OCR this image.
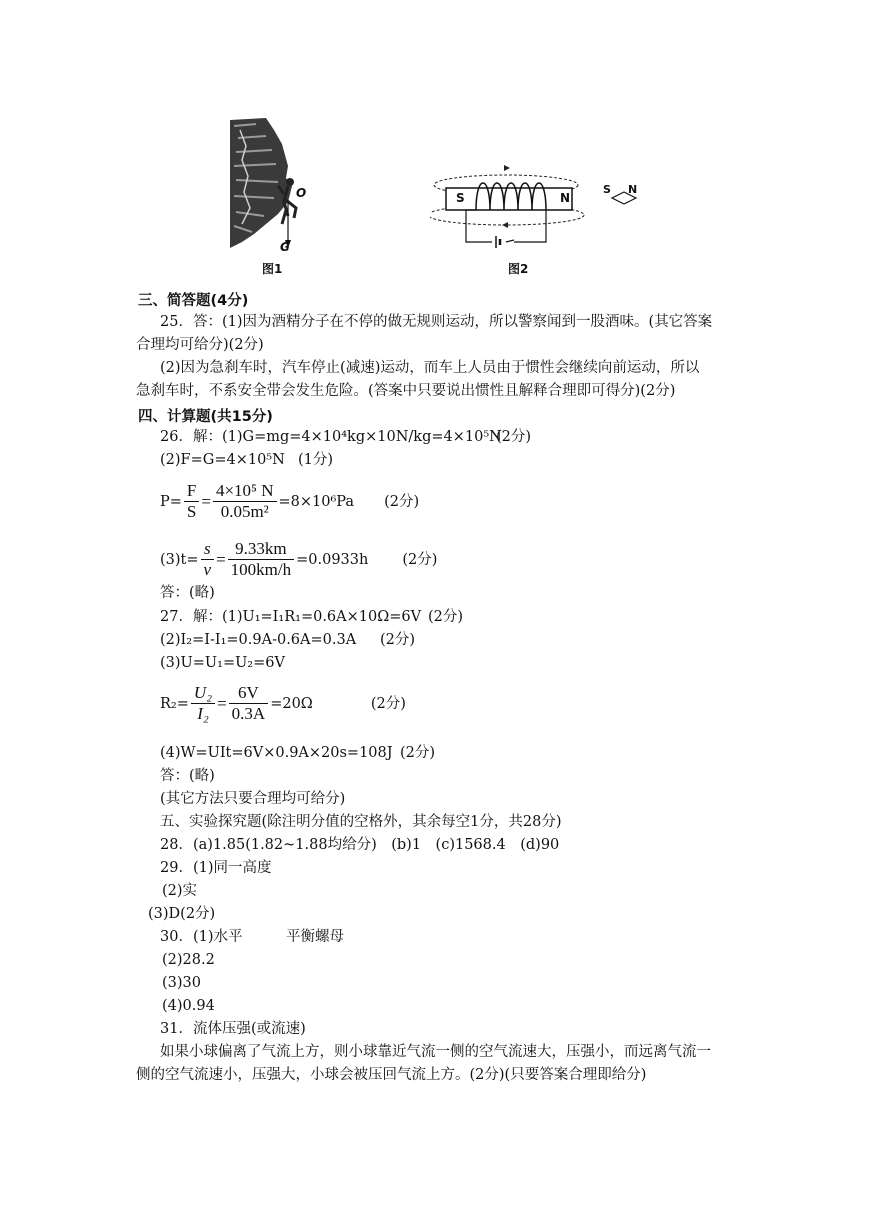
O
G
图1
S	N
S N
图2
三、简答题(4分)
25．答：(1)因为酒精分子在不停的做无规则运动，所以警察闻到一股酒味。(其它答案
合理均可给分)(2分)
(2)因为急刹车时，汽车停止(减速)运动，而车上人员由于惯性会继续向前运动，所以
急刹车时，不系安全带会发生危险。(答案中只要说出惯性且解释合理即可得分)(2分)
四、计算题(共15分)
26．解：(1)G=mg=4×10⁴kg×10N/kg=4×10⁵N
(2分)
(2)F=G=4×10⁵N (1分)
$P= \frac{F}{S} = \frac{\text{4×10⁵ N}}{\text{0.05m²}} =8\times 10^6Pa$ (2分)
$(3)t= \frac{s}{v} = \frac{9.33km}{100km/h} =0.0933h$ (2分)
答：(略)
27．解：(1)U₁=I₁R₁=0.6A×10Ω=6V (2分)
(2)I₂=I-I₁=0.9A-0.6A=0.3A (2分)
(3)U=U₁=U₂=6V
$R_2= \frac{\text{U₂}}{\text{I₂}} = \frac{6V}{0.3A} =20\Omega$	(2分)
(4)W=UIt=6V×0.9A×20s=108J (2分)
答：(略)
(其它方法只要合理均可给分)
五、实验探究题(除注明分值的空格外，其余每空1分，共28分)
28．(a)1.85(1.82~1.88均给分)　(b)1　(c)1568.4　(d)90
29．(1)同一高度
(2)实
(3)D(2分)
30．(1)水平　　　平衡螺母
(2)28.2
(3)30
(4)0.94
31．流体压强(或流速)
如果小球偏离了气流上方，则小球靠近气流一侧的空气流速大，压强小，而远离气流一
侧的空气流速小，压强大，小球会被压回气流上方。(2分)(只要答案合理即给分)
